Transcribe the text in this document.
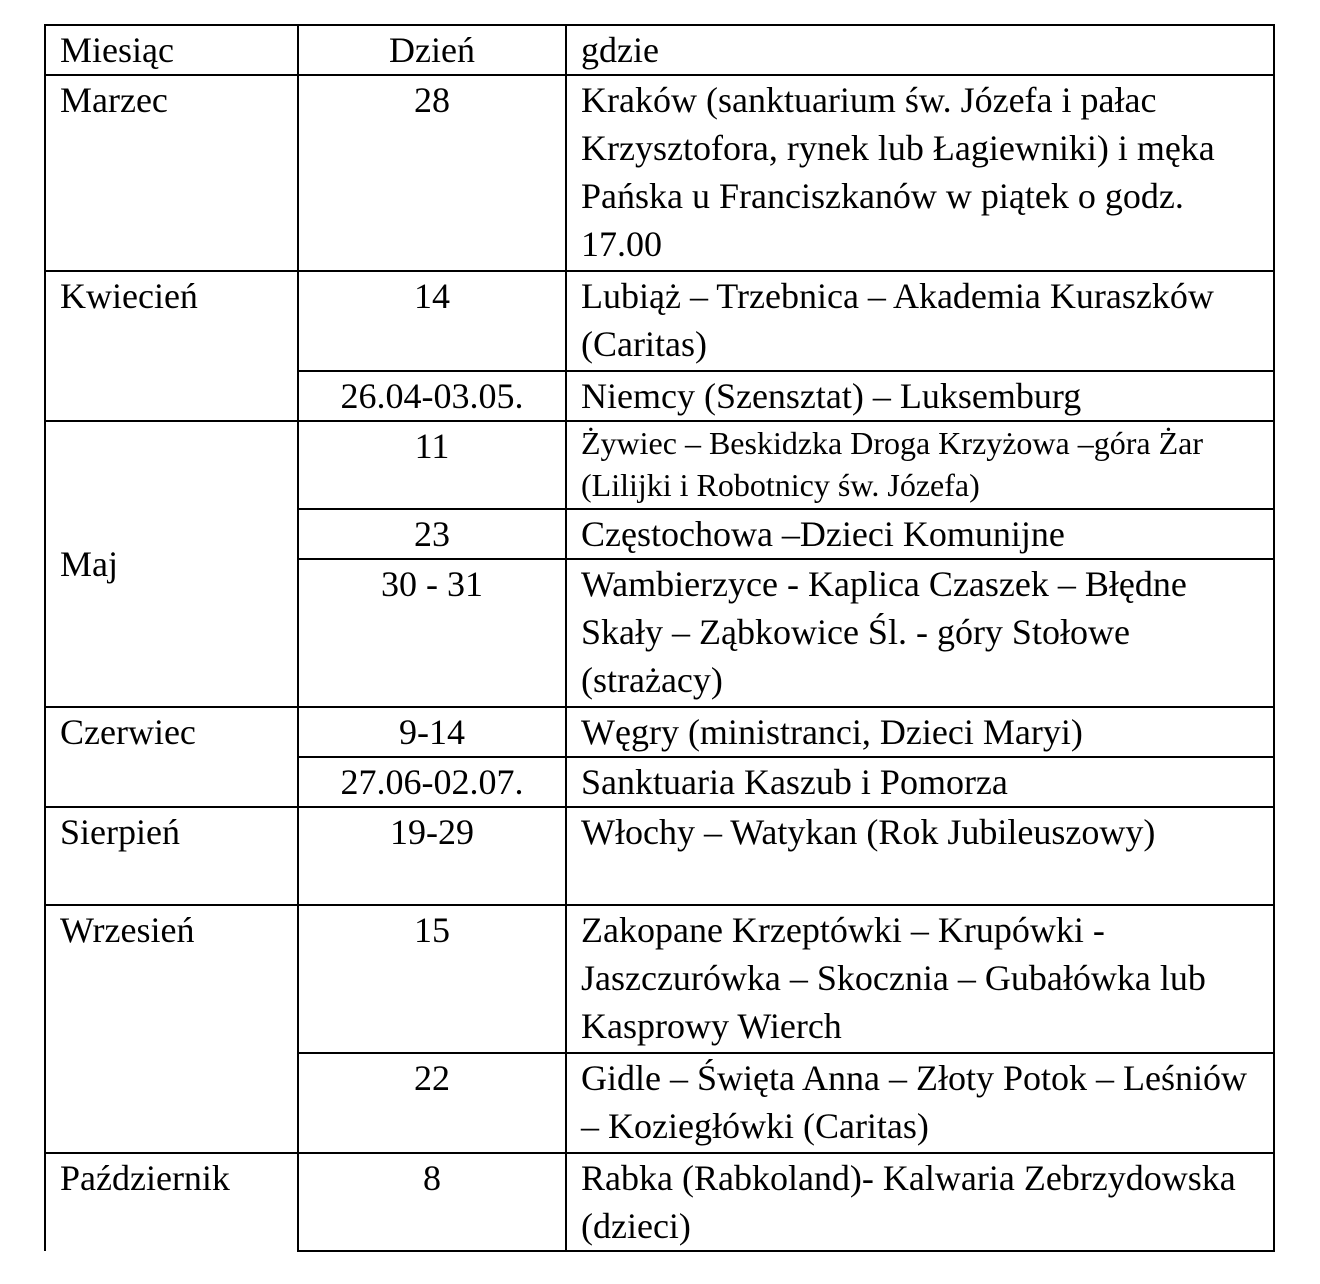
Miesiąc	Dzień	gdzie
Marzec	28	Kraków (sanktuarium św. Józefa i pałac Krzysztofora, rynek lub Łagiewniki) i męka Pańska u Franciszkanów w piątek o godz. 17.00
Kwiecień	14	Lubiąż – Trzebnica – Akademia Kuraszków (Caritas)
	26.04-03.05.	Niemcy (Szensztat) – Luksemburg
Maj	11	Żywiec – Beskidzka Droga Krzyżowa –góra Żar (Lilijki i Robotnicy św. Józefa)
	23	Częstochowa –Dzieci Komunijne
	30 - 31	Wambierzyce - Kaplica Czaszek – Błędne Skały – Ząbkowice Śl. - góry Stołowe (strażacy)
Czerwiec	9-14	Węgry (ministranci, Dzieci Maryi)
	27.06-02.07.	Sanktuaria Kaszub i Pomorza
Sierpień	19-29	Włochy – Watykan (Rok Jubileuszowy)
Wrzesień	15	Zakopane Krzeptówki – Krupówki - Jaszczurówka – Skocznia – Gubałówka lub Kasprowy Wierch
	22	Gidle – Święta Anna – Złoty Potok – Leśniów – Koziegłówki (Caritas)
Październik	8	Rabka (Rabkoland)- Kalwaria Zebrzydowska (dzieci)
